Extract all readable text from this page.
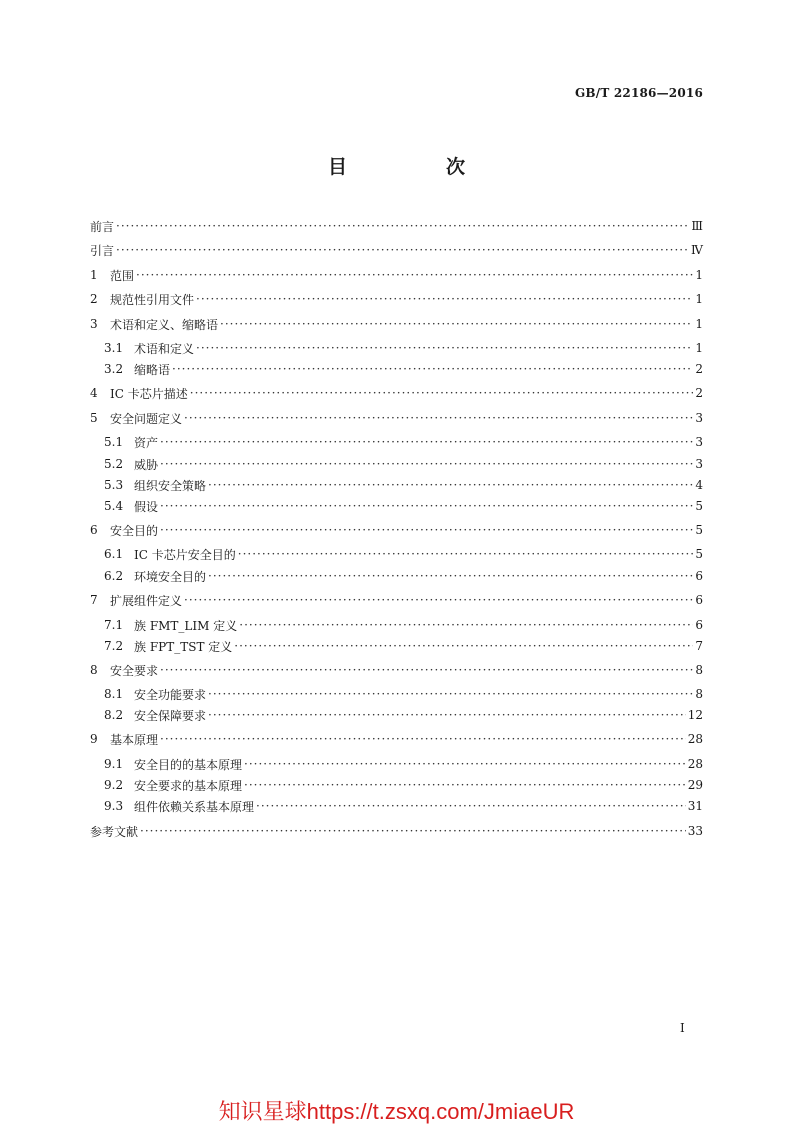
GB/T 22186—2016
目　次
前言 ·····	Ⅲ
引言 ·····	Ⅳ
1	范围 ·····	1
2	规范性引用文件 ·····	1
3	术语和定义、缩略语 ·····	1
3.1 术语和定义 ·····	1
3.2 缩略语 ·····	2
4	IC 卡芯片描述 ·····	2
5	安全问题定义 ·····	3
5.1 资产 ·····	3
5.2 威胁 ·····	3
5.3 组织安全策略 ·····	4
5.4 假设 ·····	5
6	安全目的 ·····	5
6.1 IC 卡芯片安全目的 ·····	5
6.2 环境安全目的 ·····	6
7	扩展组件定义 ·····	6
7.1 族 FMT_LIM 定义 ·····	6
7.2 族 FPT_TST 定义 ·····	7
8	安全要求 ·····	8
8.1 安全功能要求 ·····	8
8.2 安全保障要求 ·····	12
9	基本原理 ·····	28
9.1 安全目的的基本原理 ·····	28
9.2 安全要求的基本原理 ·····	29
9.3 组件依赖关系基本原理 ·····	31
参考文献 ·····	33
I
知识星球https://t.zsxq.com/JmiaeUR
